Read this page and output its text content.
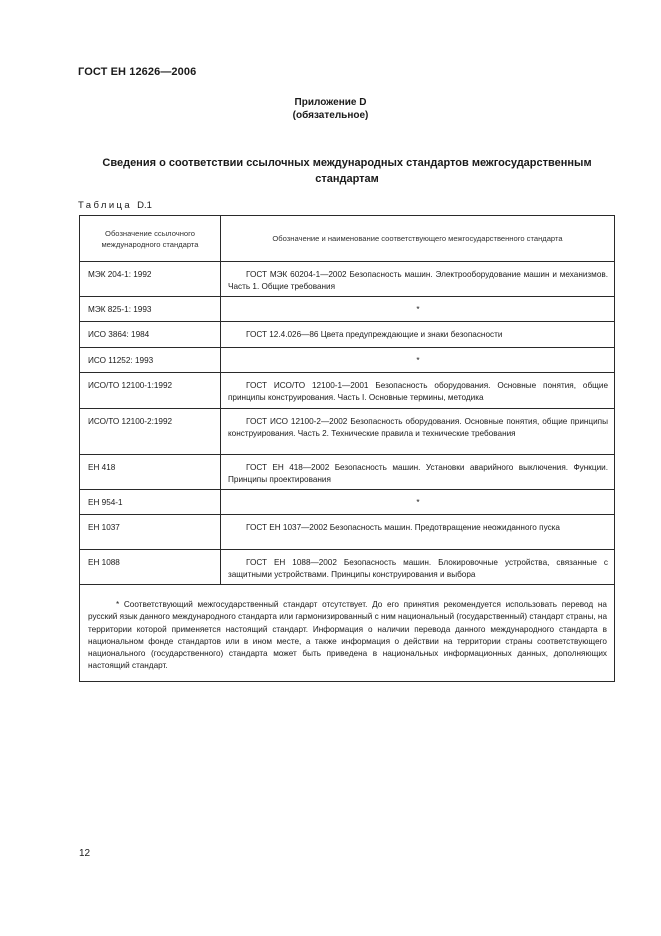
ГОСТ ЕН 12626—2006
Приложение D
(обязательное)
Сведения о соответствии ссылочных международных стандартов межгосударственным стандартам
Таблица D.1
Обозначение ссылочного международного стандарта	Обозначение и наименование соответствующего межгосударственного стандарта
МЭК 204-1: 1992	ГОСТ МЭК 60204-1—2002 Безопасность машин. Электрооборудование машин и механизмов. Часть 1. Общие требования
МЭК 825-1: 1993	*
ИСО 3864: 1984	ГОСТ 12.4.026—86 Цвета предупреждающие и знаки безопасности
ИСО 11252: 1993	*
ИСО/ТО 12100-1:1992	ГОСТ ИСО/ТО 12100-1—2001 Безопасность оборудования. Основные понятия, общие принципы конструирования. Часть I. Основные термины, методика
ИСО/ТО 12100-2:1992	ГОСТ ИСО 12100-2—2002 Безопасность оборудования. Основные понятия, общие принципы конструирования. Часть 2. Технические правила и технические требования
ЕН 418	ГОСТ ЕН 418—2002 Безопасность машин. Установки аварийного выключения. Функции. Принципы проектирования
ЕН 954-1	*
ЕН 1037	ГОСТ ЕН 1037—2002 Безопасность машин. Предотвращение неожиданного пуска
ЕН 1088	ГОСТ ЕН 1088—2002 Безопасность машин. Блокировочные устройства, связанные с защитными устройствами. Принципы конструирования и выбора
* Соответствующий межгосударственный стандарт отсутствует. До его принятия рекомендуется использовать перевод на русский язык данного международного стандарта или гармонизированный с ним национальный (государственный) стандарт страны, на территории которой применяется настоящий стандарт. Информация о наличии перевода данного международного стандарта в национальном фонде стандартов или в ином месте, а также информация о действии на территории страны соответствующего национального (государственного) стандарта может быть приведена в национальных информационных данных, дополняющих настоящий стандарт.	
12
